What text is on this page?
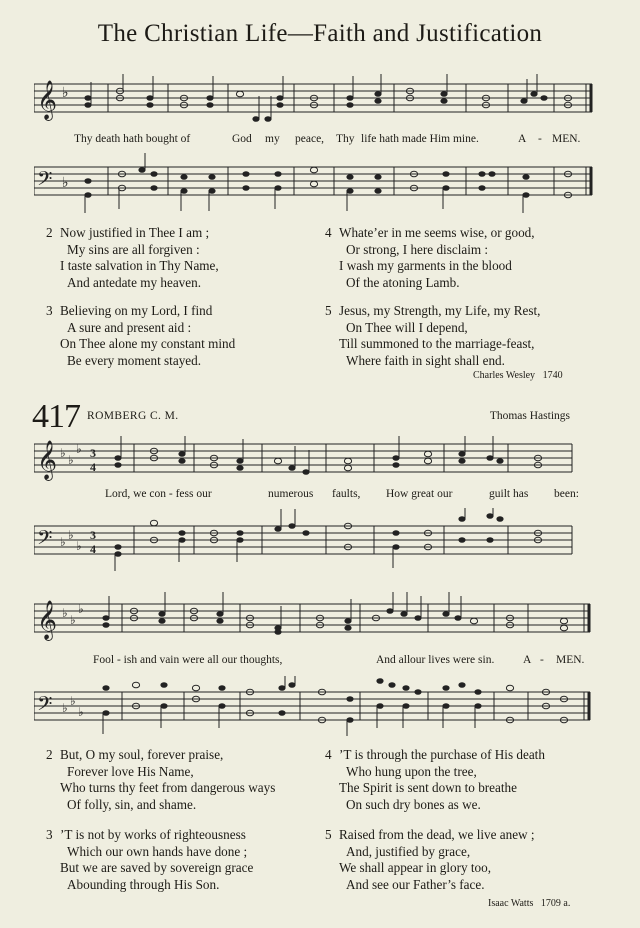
The Christian Life—Faith and Justification
𝄞 ♭
Thy death hath bought of	God my peace, Thy life hath made Him mine.	A - MEN.
𝄢 ♭
2 Now justified in Thee I am ;
My sins are all forgiven :
I taste salvation in Thy Name,
And antedate my heaven.
3 Believing on my Lord, I find
A sure and present aid :
On Thee alone my constant mind
Be every moment stayed.
4 Whate’er in me seems wise, or good,
Or strong, I here disclaim :
I wash my garments in the blood
Of the atoning Lamb.
5 Jesus, my Strength, my Life, my Rest,
On Thee will I depend,
Till summoned to the marriage-feast,
Where faith in sight shall end.
Charles Wesley 1740
417 ROMBERG C. M.	Thomas Hastings
𝄞 ♭ ♭
♭ 3
4
Lord, we con - fess our	numerous faults, How great our	guilt has been:
𝄢 ♭ ♭
♭
3
4
𝄞 ♭ ♭
♭
Fool - ish and vain were all our thoughts,	And all our lives were sin. A - MEN.
𝄢 ♭ ♭
♭
2 But, O my soul, forever praise,
Forever love His Name,
Who turns thy feet from dangerous ways
Of folly, sin, and shame.
3 ’T is not by works of righteousness
Which our own hands have done ;
But we are saved by sovereign grace
Abounding through His Son.
4 ’T is through the purchase of His death
Who hung upon the tree,
The Spirit is sent down to breathe
On such dry bones as we.
5 Raised from the dead, we live anew ;
And, justified by grace,
We shall appear in glory too,
And see our Father’s face.
Isaac Watts 1709 a.
